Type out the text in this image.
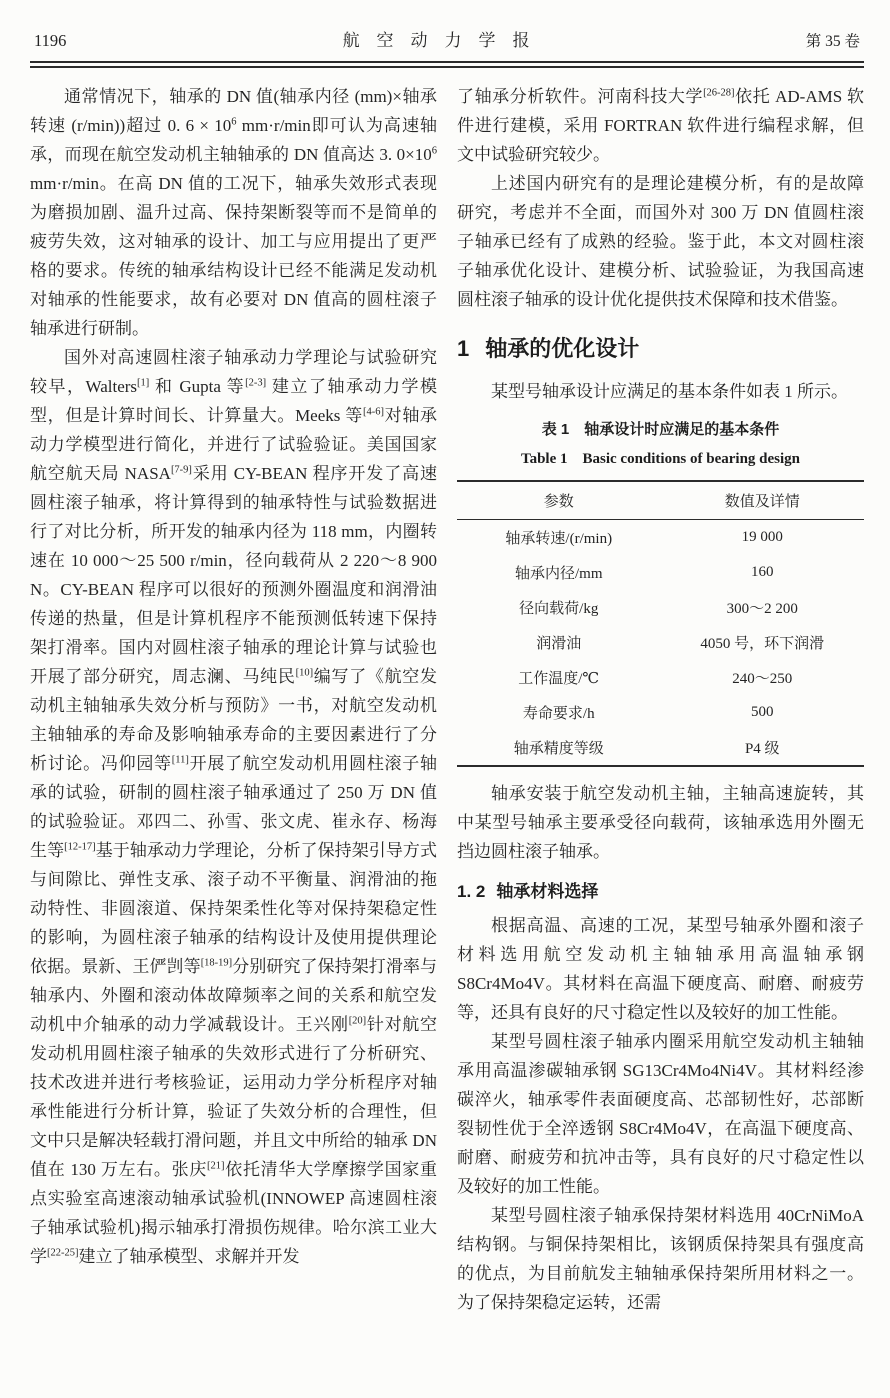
1196	航　空　动　力　学　报	第 35 卷

通常情况下，轴承的 DN 值(轴承内径 (mm)×轴承转速 (r/min))超过 0. $6 \times 10^6$ mm·r/min即可认为高速轴承，而现在航空发动机主轴轴承的 DN 值高达 3. $0\times 10^6$ mm·r/min。在高 DN 值的工况下，轴承失效形式表现为磨损加剧、温升过高、保持架断裂等而不是简单的疲劳失效，这对轴承的设计、加工与应用提出了更严格的要求。传统的轴承结构设计已经不能满足发动机对轴承的性能要求，故有必要对 DN 值高的圆柱滚子轴承进行研制。

国外对高速圆柱滚子轴承动力学理论与试验研究较早，Walters[1] 和 Gupta 等[2-3] 建立了轴承动力学模型，但是计算时间长、计算量大。Meeks 等[4-6]对轴承动力学模型进行简化，并进行了试验验证。美国国家航空航天局 NASA[7-9]采用 CY-BEAN 程序开发了高速圆柱滚子轴承，将计算得到的轴承特性与试验数据进行了对比分析，所开发的轴承内径为 118 mm，内圈转速在 10 000～25 500 r/min，径向载荷从 2 220～8 900 N。CY-BEAN 程序可以很好的预测外圈温度和润滑油传递的热量，但是计算机程序不能预测低转速下保持架打滑率。国内对圆柱滚子轴承的理论计算与试验也开展了部分研究，周志澜、马纯民[10]编写了《航空发动机主轴轴承失效分析与预防》一书，对航空发动机主轴轴承的寿命及影响轴承寿命的主要因素进行了分析讨论。冯仰园等[11]开展了航空发动机用圆柱滚子轴承的试验，研制的圆柱滚子轴承通过了 250 万 DN 值的试验验证。邓四二、孙雪、张文虎、崔永存、杨海生等[12-17]基于轴承动力学理论，分析了保持架引导方式与间隙比、弹性支承、滚子动不平衡量、润滑油的拖动特性、非圆滚道、保持架柔性化等对保持架稳定性的影响，为圆柱滚子轴承的结构设计及使用提供理论依据。景新、王俨剀等[18-19]分别研究了保持架打滑率与轴承内、外圈和滚动体故障频率之间的关系和航空发动机中介轴承的动力学减载设计。王兴刚[20]针对航空发动机用圆柱滚子轴承的失效形式进行了分析研究、技术改进并进行考核验证，运用动力学分析程序对轴承性能进行分析计算，验证了失效分析的合理性，但文中只是解决轻载打滑问题，并且文中所给的轴承 DN 值在 130 万左右。张庆[21]依托清华大学摩擦学国家重点实验室高速滚动轴承试验机(INNOWEP 高速圆柱滚子轴承试验机)揭示轴承打滑损伤规律。哈尔滨工业大学[22-25]建立了轴承模型、求解并开发

了轴承分析软件。河南科技大学[26-28]依托 AD-AMS 软件进行建模，采用 FORTRAN 软件进行编程求解，但文中试验研究较少。

上述国内研究有的是理论建模分析，有的是故障研究，考虑并不全面，而国外对 300 万 DN 值圆柱滚子轴承已经有了成熟的经验。鉴于此，本文对圆柱滚子轴承优化设计、建模分析、试验验证，为我国高速圆柱滚子轴承的设计优化提供技术保障和技术借鉴。

1 轴承的优化设计

某型号轴承设计应满足的基本条件如表 1 所示。

表 1　轴承设计时应满足的基本条件
Table 1　Basic conditions of bearing design
参数	数值及详情
轴承转速/(r/min)	19 000
轴承内径/mm	160
径向载荷/kg	300～2 200
润滑油	4050 号，环下润滑
工作温度/℃	240～250
寿命要求/h	500
轴承精度等级	P4 级

轴承安装于航空发动机主轴，主轴高速旋转，其中某型号轴承主要承受径向载荷，该轴承选用外圈无挡边圆柱滚子轴承。

1. 2 轴承材料选择

根据高温、高速的工况，某型号轴承外圈和滚子材料选用航空发动机主轴轴承用高温轴承钢 S8Cr4Mo4V。其材料在高温下硬度高、耐磨、耐疲劳等，还具有良好的尺寸稳定性以及较好的加工性能。

某型号圆柱滚子轴承内圈采用航空发动机主轴轴承用高温渗碳轴承钢 SG13Cr4Mo4Ni4V。其材料经渗碳淬火，轴承零件表面硬度高、芯部韧性好，芯部断裂韧性优于全淬透钢 S8Cr4Mo4V，在高温下硬度高、耐磨、耐疲劳和抗冲击等，具有良好的尺寸稳定性以及较好的加工性能。

某型号圆柱滚子轴承保持架材料选用 40CrNiMoA 结构钢。与铜保持架相比，该钢质保持架具有强度高的优点，为目前航发主轴轴承保持架所用材料之一。为了保持架稳定运转，还需
